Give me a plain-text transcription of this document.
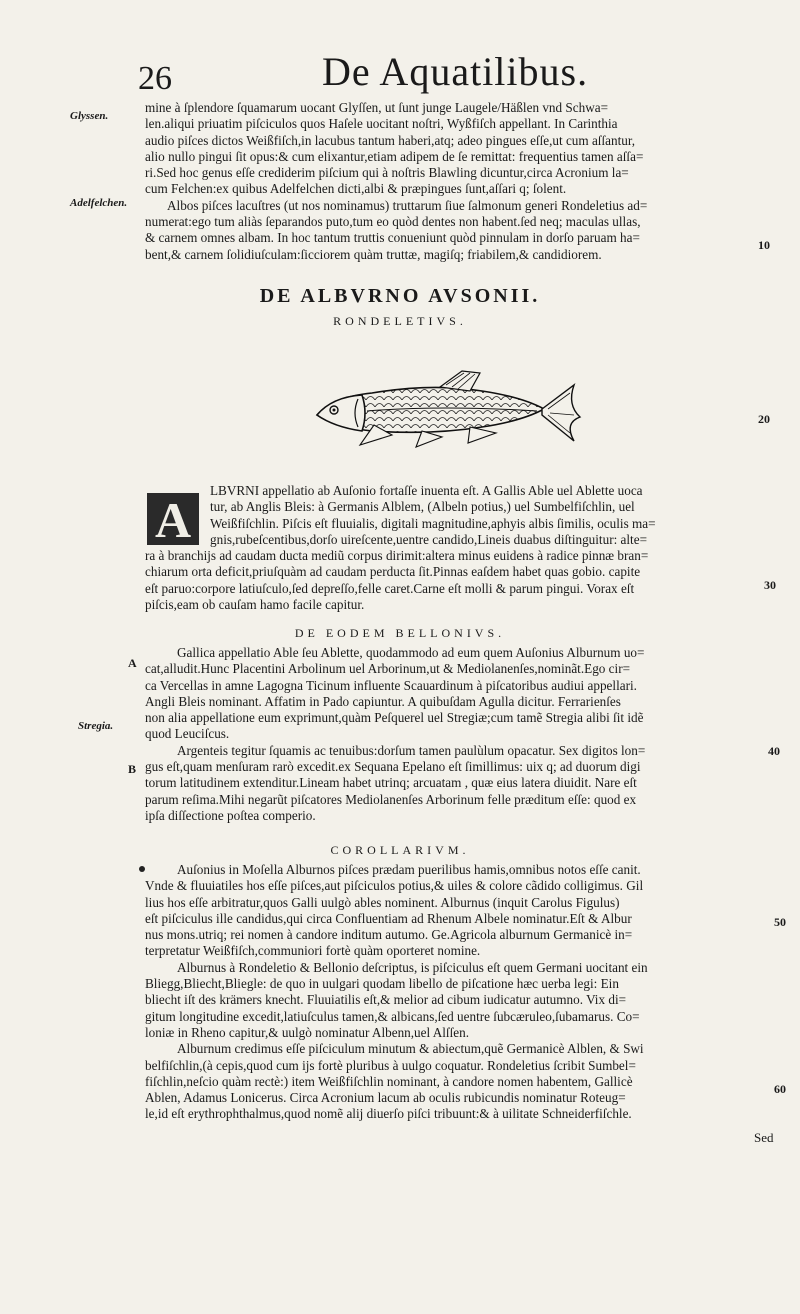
26	De Aquatilibus.
Glyssen.
Adelfelchen.
10
20
30
A
Stregia.
40
B
50
60
mine à ſplendore ſquamarum uocant Glyſſen, ut ſunt junge Laugele/Häßlen vnd Schwa=
len.aliqui priuatim piſciculos quos Haſele uocitant noſtri, Wyßfiſch appellant. In Carinthia
audio piſces dictos Weißfiſch,in lacubus tantum haberi,atq; adeo pingues eſſe,ut cum aſſantur,
alio nullo pingui ſit opus:& cum elixantur,etiam adipem de ſe remittat: frequentius tamen aſſa=
ri.Sed hoc genus eſſe crediderim piſcium qui à noſtris Blawling dicuntur,circa Acronium la=
cum Felchen:ex quibus Adelfelchen dicti,albi & præpingues ſunt,aſſari q; ſolent.
Albos piſces lacuſtres (ut nos nominamus) truttarum ſiue ſalmonum generi Rondeletius ad=
numerat:ego tum aliàs ſeparandos puto,tum eo quòd dentes non habent.ſed neq; maculas ullas,
& carnem omnes albam. In hoc tantum truttis conueniunt quòd pinnulam in dorſo paruam ha=
bent,& carnem ſolidiuſculam:ſicciorem quàm truttæ, magiſq; friabilem,& candidiorem.
DE ALBVRNO AVSONII.
RONDELETIVS.
A
LBVRNI appellatio ab Auſonio fortaſſe inuenta eſt. A Gallis Able uel Ablette uoca
tur, ab Anglis Bleis: à Germanis Alblem, (Albeln potius,) uel Sumbelfiſchlin, uel
Weißfiſchlin. Piſcis eſt fluuialis, digitali magnitudine,aphyis albis ſimilis, oculis ma=
gnis,rubeſcentibus,dorſo uireſcente,uentre candido,Lineis duabus diſtinguitur: alte=
ra à branchijs ad caudam ducta mediũ corpus dirimit:altera minus euidens à radice pinnæ bran=
chiarum orta deficit,priuſquàm ad caudam perducta ſit.Pinnas eaſdem habet quas gobio. capite
eſt paruo:corpore latiuſculo,ſed depreſſo,felle caret.Carne eſt molli & parum pingui. Vorax eſt
piſcis,eam ob cauſam hamo facile capitur.
DE EODEM BELLONIVS.
Gallica appellatio Able ſeu Ablette, quodammodo ad eum quem Auſonius Alburnum uo=
cat,alludit.Hunc Placentini Arbolinum uel Arborinum,ut & Mediolanenſes,nominãt.Ego cir=
ca Vercellas in amne Lagogna Ticinum influente Scauardinum à piſcatoribus audiui appellari.
Angli Bleis nominant. Affatim in Pado capiuntur. A quibuſdam Agulla dicitur. Ferrarienſes
non alia appellatione eum exprimunt,quàm Peſquerel uel Stregiæ;cum tamẽ Stregia alibi ſit idẽ
quod Leuciſcus.
Argenteis tegitur ſquamis ac tenuibus:dorſum tamen paulùlum opacatur. Sex digitos lon=
gus eſt,quam menſuram rarò excedit.ex Sequana Epelano eſt ſimillimus: uix q; ad duorum digi
torum latitudinem extenditur.Lineam habet utrinq; arcuatam , quæ eius latera diuidit. Nare eſt
parum reſima.Mihi negarũt piſcatores Mediolanenſes Arborinum felle præditum eſſe: quod ex
ipſa diſſectione poſtea comperio.
COROLLARIVM.
Auſonius in Moſella Alburnos piſces prædam puerilibus hamis,omnibus notos eſſe canit.
Vnde & fluuiatiles hos eſſe piſces,aut piſciculos potius,& uiles & colore cãdido colligimus. Gil
lius hos eſſe arbitratur,quos Galli uulgò ables nominent. Alburnus (inquit Carolus Figulus)
eſt piſciculus ille candidus,qui circa Confluentiam ad Rhenum Albele nominatur.Eſt & Albur
nus mons.utriq; rei nomen à candore inditum autumo. Ge.Agricola alburnum Germanicè in=
terpretatur Weißfiſch,communiori fortè quàm oporteret nomine.
Alburnus à Rondeletio & Bellonio deſcriptus, is piſciculus eſt quem Germani uocitant ein
Bliegg,Bliecht,Bliegle: de quo in uulgari quodam libello de piſcatione hæc uerba legi: Ein
bliecht iſt des krämers knecht. Fluuiatilis eſt,& melior ad cibum iudicatur autumno. Vix di=
gitum longitudine excedit,latiuſculus tamen,& albicans,ſed uentre ſubcæruleo,ſubamarus. Co=
loniæ in Rheno capitur,& uulgò nominatur Albenn,uel Alſſen.
Alburnum credimus eſſe piſciculum minutum & abiectum,quẽ Germanicè Alblen, & Swi
belfiſchlin,(à cepis,quod cum ijs fortè pluribus à uulgo coquatur. Rondeletius ſcribit Sumbel=
fiſchlin,neſcio quàm rectè:) item Weißfiſchlin nominant, à candore nomen habentem, Gallicè
Ablen, Adamus Lonicerus. Circa Acronium lacum ab oculis rubicundis nominatur Roteug=
le,id eſt erythrophthalmus,quod nomẽ alij diuerſo piſci tribuunt:& à uilitate Schneiderfiſchle.
Sed
